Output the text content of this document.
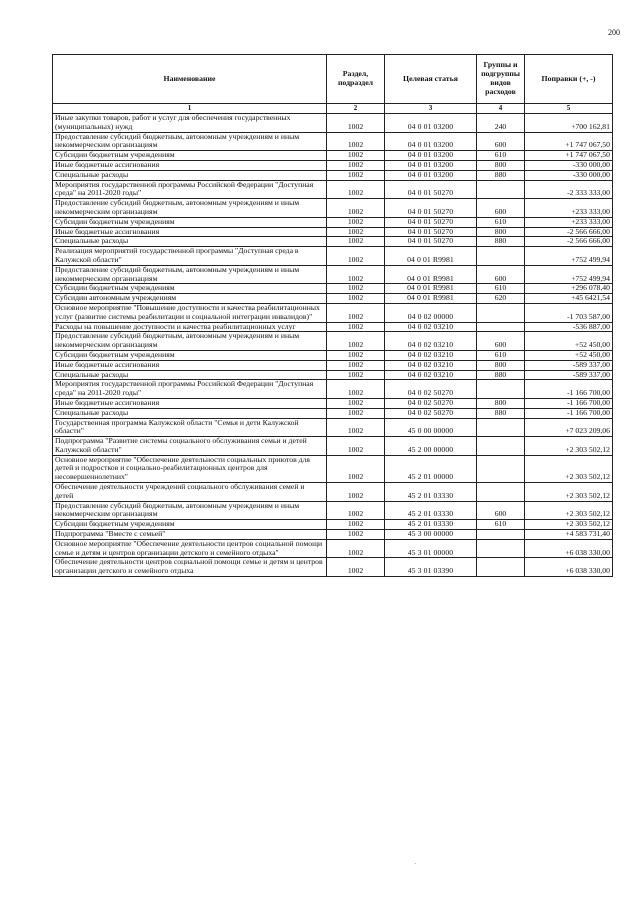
200
Наименование	Раздел, подраздел	Целевая статья	Группы и подгруппы видов расходов	Поправки (+, -)
1	2	3	4	5
Иные закупки товаров, работ и услуг для обеспечения государственных (муниципальных) нужд	1002	04 0 01 03200	240	+700 162,81
Предоставление субсидий бюджетным, автономным учреждениям и иным некоммерческим организациям	1002	04 0 01 03200	600	+1 747 067,50
Субсидии бюджетным учреждениям	1002	04 0 01 03200	610	+1 747 067,50
Иные бюджетные ассигнования	1002	04 0 01 03200	800	-330 000,00
Специальные расходы	1002	04 0 01 03200	880	-330 000,00
Мероприятия государственной программы Российской Федерации "Доступная среда" на 2011-2020 годы"	1002	04 0 01 50270		-2 333 333,00
Предоставление субсидий бюджетным, автономным учреждениям и иным некоммерческим организациям	1002	04 0 01 50270	600	+233 333,00
Субсидии бюджетным учреждениям	1002	04 0 01 50270	610	+233 333,00
Иные бюджетные ассигнования	1002	04 0 01 50270	800	-2 566 666,00
Специальные расходы	1002	04 0 01 50270	880	-2 566 666,00
Реализация мероприятий государственной программы "Доступная среда в Калужской области"	1002	04 0 01 R9981		+752 499,94
Предоставление субсидий бюджетным, автономным учреждениям и иным некоммерческим организациям	1002	04 0 01 R9981	600	+752 499,94
Субсидии бюджетным учреждениям	1002	04 0 01 R9981	610	+296 078,40
Субсидии автономным учреждениям	1002	04 0 01 R9981	620	+45 6421,54
Основное мероприятие "Повышение доступности и качества реабилитационных услуг (развитие системы реабилитации и социальной интеграции инвалидов)"	1002	04 0 02 00000		-1 703 587,00
Расходы на повышение доступности и качества реабилитационных услуг	1002	04 0 02 03210		-536 887,00
Предоставление субсидий бюджетным, автономным учреждениям и иным некоммерческим организациям	1002	04 0 02 03210	600	+52 450,00
Субсидии бюджетным учреждениям	1002	04 0 02 03210	610	+52 450,00
Иные бюджетные ассигнования	1002	04 0 02 03210	800	-589 337,00
Специальные расходы	1002	04 0 02 03210	880	-589 337,00
Мероприятия государственной программы Российской Федерации "Доступная среда" на 2011-2020 годы"	1002	04 0 02 50270		-1 166 700,00
Иные бюджетные ассигнования	1002	04 0 02 50270	800	-1 166 700,00
Специальные расходы	1002	04 0 02 50270	880	-1 166 700,00
Государственная программа Калужской области "Семья и дети Калужской области"	1002	45 0 00 00000		+7 023 209,06
Подпрограмма "Развитие системы социального обслуживания семьи и детей Калужской области"	1002	45 2 00 00000		+2 303 502,12
Основное мероприятие "Обеспечение деятельности социальных приютов для детей и подростков и социально-реабилитационных центров для несовершеннолетних"	1002	45 2 01 00000		+2 303 502,12
Обеспечение деятельности учреждений социального обслуживания семей и детей	1002	45 2 01 03330		+2 303 502,12
Предоставление субсидий бюджетным, автономным учреждениям и иным некоммерческим организациям	1002	45 2 01 03330	600	+2 303 502,12
Субсидии бюджетным учреждениям	1002	45 2 01 03330	610	+2 303 502,12
Подпрограмма "Вместе с семьей"	1002	45 3 00 00000		+4 583 731,40
Основное мероприятие "Обеспечение деятельности центров социальной помощи семье и детям и центров организации детского и семейного отдыха"	1002	45 3 01 00000		+6 038 330,00
Обеспечение деятельности центров социальной помощи семье и детям и центров организации детского и семейного отдыха	1002	45 3 01 03390		+6 038 330,00
·
